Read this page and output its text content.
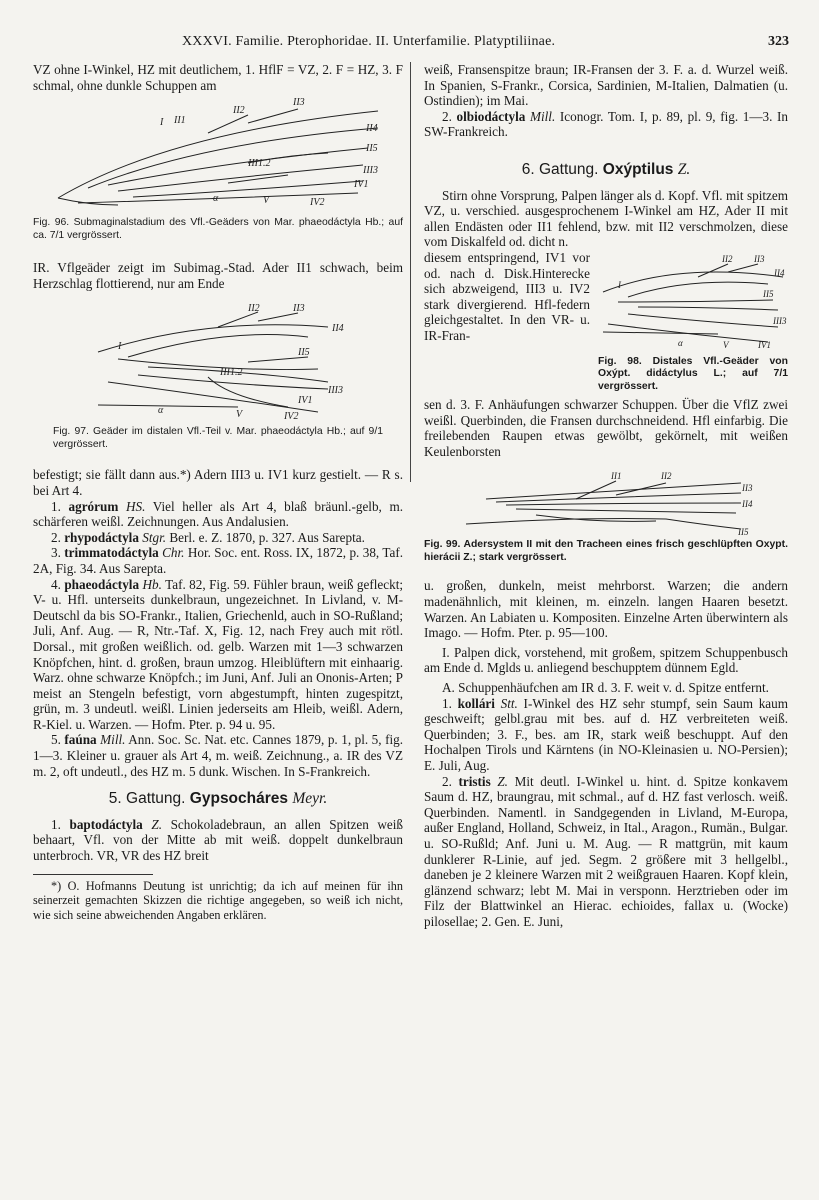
XXXVI. Familie. Pterophoridae. II. Unterfamilie. Platyptiliinae.	323

VZ ohne I-Winkel, HZ mit deutlichem, 1. HflF = VZ, 2. F = HZ, 3. F schmal, ohne dunkle Schuppen am

I II1
II2
II3
II4
II5
III1.2
III3
IV1
IV2
α	V

Fig. 96. Submaginalstadium des Vfl.-Geäders von Mar. phaeodáctyla Hb.; auf ca. 7/1 vergrössert.

IR. Vflgeäder zeigt im Subimag.-Stad. Ader II1 schwach, beim Herzschlag flottierend, nur am Ende

I
II2	II3
II4
II5
III1.2
III3
IV1
IV2
α	V

Fig. 97. Geäder im distalen Vfl.-Teil v. Mar. phaeodáctyla Hb.; auf 9/1 vergrössert.

befestigt; sie fällt dann aus.*) Adern III3 u. IV1 kurz gestielt. — R s. bei Art 4.

1. agrórum HS. Viel heller als Art 4, blaß bräunl.-gelb, m. schärferen weißl. Zeichnungen. Aus Andalusien.

2. rhypodáctyla Stgr. Berl. e. Z. 1870, p. 327. Aus Sarepta.

3. trimmatodáctyla Chr. Hor. Soc. ent. Ross. IX, 1872, p. 38, Taf. 2A, Fig. 34. Aus Sarepta.

4. phaeodáctyla Hb. Taf. 82, Fig. 59. Fühler braun, weiß gefleckt; V- u. Hfl. unterseits dunkelbraun, ungezeichnet. In Livland, v. M-Deutschl da bis SO-Frankr., Italien, Griechenld, auch in SO-Rußland; Juli, Anf. Aug. — R, Ntr.-Taf. X, Fig. 12, nach Frey auch mit rötl. Dorsal., mit großen weißlich. od. gelb. Warzen mit 1—3 schwarzen Knöpfchen, hint. d. großen, braun umzog. Hleiblüftern mit einhaarig. Warz. ohne schwarze Knöpfch.; im Juni, Anf. Juli an Ononis-Arten; P meist an Stengeln befestigt, vorn abgestumpft, hinten zugespitzt, grün, m. 3 undeutl. weißl. Linien jederseits am Hleib, weißl. Adern, R-Kiel. u. Warzen. — Hofm. Pter. p. 94 u. 95.

5. faúna Mill. Ann. Soc. Sc. Nat. etc. Cannes 1879, p. 1, pl. 5, fig. 1—3. Kleiner u. grauer als Art 4, m. weiß. Zeichnung., a. IR des VZ m. 2, oft undeutl., des HZ m. 5 dunk. Wischen. In S-Frankreich.

5. Gattung. Gypsocháres Meyr.

1. baptodáctyla Z. Schokoladebraun, an allen Spitzen weiß behaart, Vfl. von der Mitte ab mit weiß. doppelt dunkelbraun unterbroch. VR, VR des HZ breit

*) O. Hofmanns Deutung ist unrichtig; da ich auf meinen für ihn seinerzeit gemachten Skizzen die richtige angegeben, so weiß ich nicht, wie sich seine abweichenden Angaben erklären.

weiß, Fransenspitze braun; IR-Fransen der 3. F. a. d. Wurzel weiß. In Spanien, S-Frankr., Corsica, Sardinien, M-Italien, Dalmatien (u. Ostindien); im Mai.

2. olbiodáctyla Mill. Iconogr. Tom. I, p. 89, pl. 9, fig. 1—3. In SW-Frankreich.

6. Gattung. Oxýptilus Z.

Stirn ohne Vorsprung, Palpen länger als d. Kopf. Vfl. mit spitzem VZ, u. verschied. ausgesprochenem I-Winkel am HZ, Ader II mit allen Endästen oder II1 fehlend, bzw. mit II2 verschmolzen, diese vom Diskalfeld od. dicht n.

I
II2 II3
II4
II5
III3
IV1
α	V

Fig. 98. Distales Vfl.-Geäder von Oxýpt. didáctylus L.; auf 7/1 vergrössert.

diesem entspringend, IV1 vor od. nach d. Disk.Hinterecke sich abzweigend, III3 u. IV2 stark divergierend. Hfl-federn gleichgestaltet. In den VR- u. IR-Fran-

sen d. 3. F. Anhäufungen schwarzer Schuppen. Über die VflZ zwei weißl. Querbinden, die Fransen durchschneidend. Hfl einfarbig. Die freilebenden Raupen etwas gewölbt, gekörnelt, mit weißen Keulenborsten

II1	II2
II3
II4
II5

Fig. 99. Adersystem II mit den Tracheen eines frisch geschlüpften Oxypt. hierácii Z.; stark vergrössert.

u. großen, dunkeln, meist mehrborst. Warzen; die andern madenähnlich, mit kleinen, m. einzeln. langen Haaren besetzt. Warzen. An Labiaten u. Kompositen. Einzelne Arten überwintern als Imago. — Hofm. Pter. p. 95—100.

I. Palpen dick, vorstehend, mit großem, spitzem Schuppenbusch am Ende d. Mglds u. anliegend beschupptem dünnem Egld.

A. Schuppenhäufchen am IR d. 3. F. weit v. d. Spitze entfernt.

1. kollári Stt. I-Winkel des HZ sehr stumpf, sein Saum kaum geschweift; gelbl.grau mit bes. auf d. HZ verbreiteten weiß. Querbinden; 3. F., bes. am IR, stark weiß beschuppt. Auf den Hochalpen Tirols und Kärntens (in NO-Kleinasien u. NO-Persien); E. Juli, Aug.

2. tristis Z. Mit deutl. I-Winkel u. hint. d. Spitze konkavem Saum d. HZ, braungrau, mit schmal., auf d. HZ fast verlosch. weiß. Querbinden. Namentl. in Sandgegenden in Livland, M-Europa, außer England, Holland, Schweiz, in Ital., Aragon., Rumän., Bulgar. u. SO-Rußld; Anf. Juni u. M. Aug. — R mattgrün, mit kaum dunklerer R-Linie, auf jed. Segm. 2 größere mit 3 hellgelbl., daneben je 2 kleinere Warzen mit 2 weißgrauen Haaren. Kopf klein, glänzend schwarz; lebt M. Mai in versponn. Herztrieben oder im Filz der Blattwinkel an Hierac. echioides, fallax u. (Wocke) pilosellae; 2. Gen. E. Juni,
